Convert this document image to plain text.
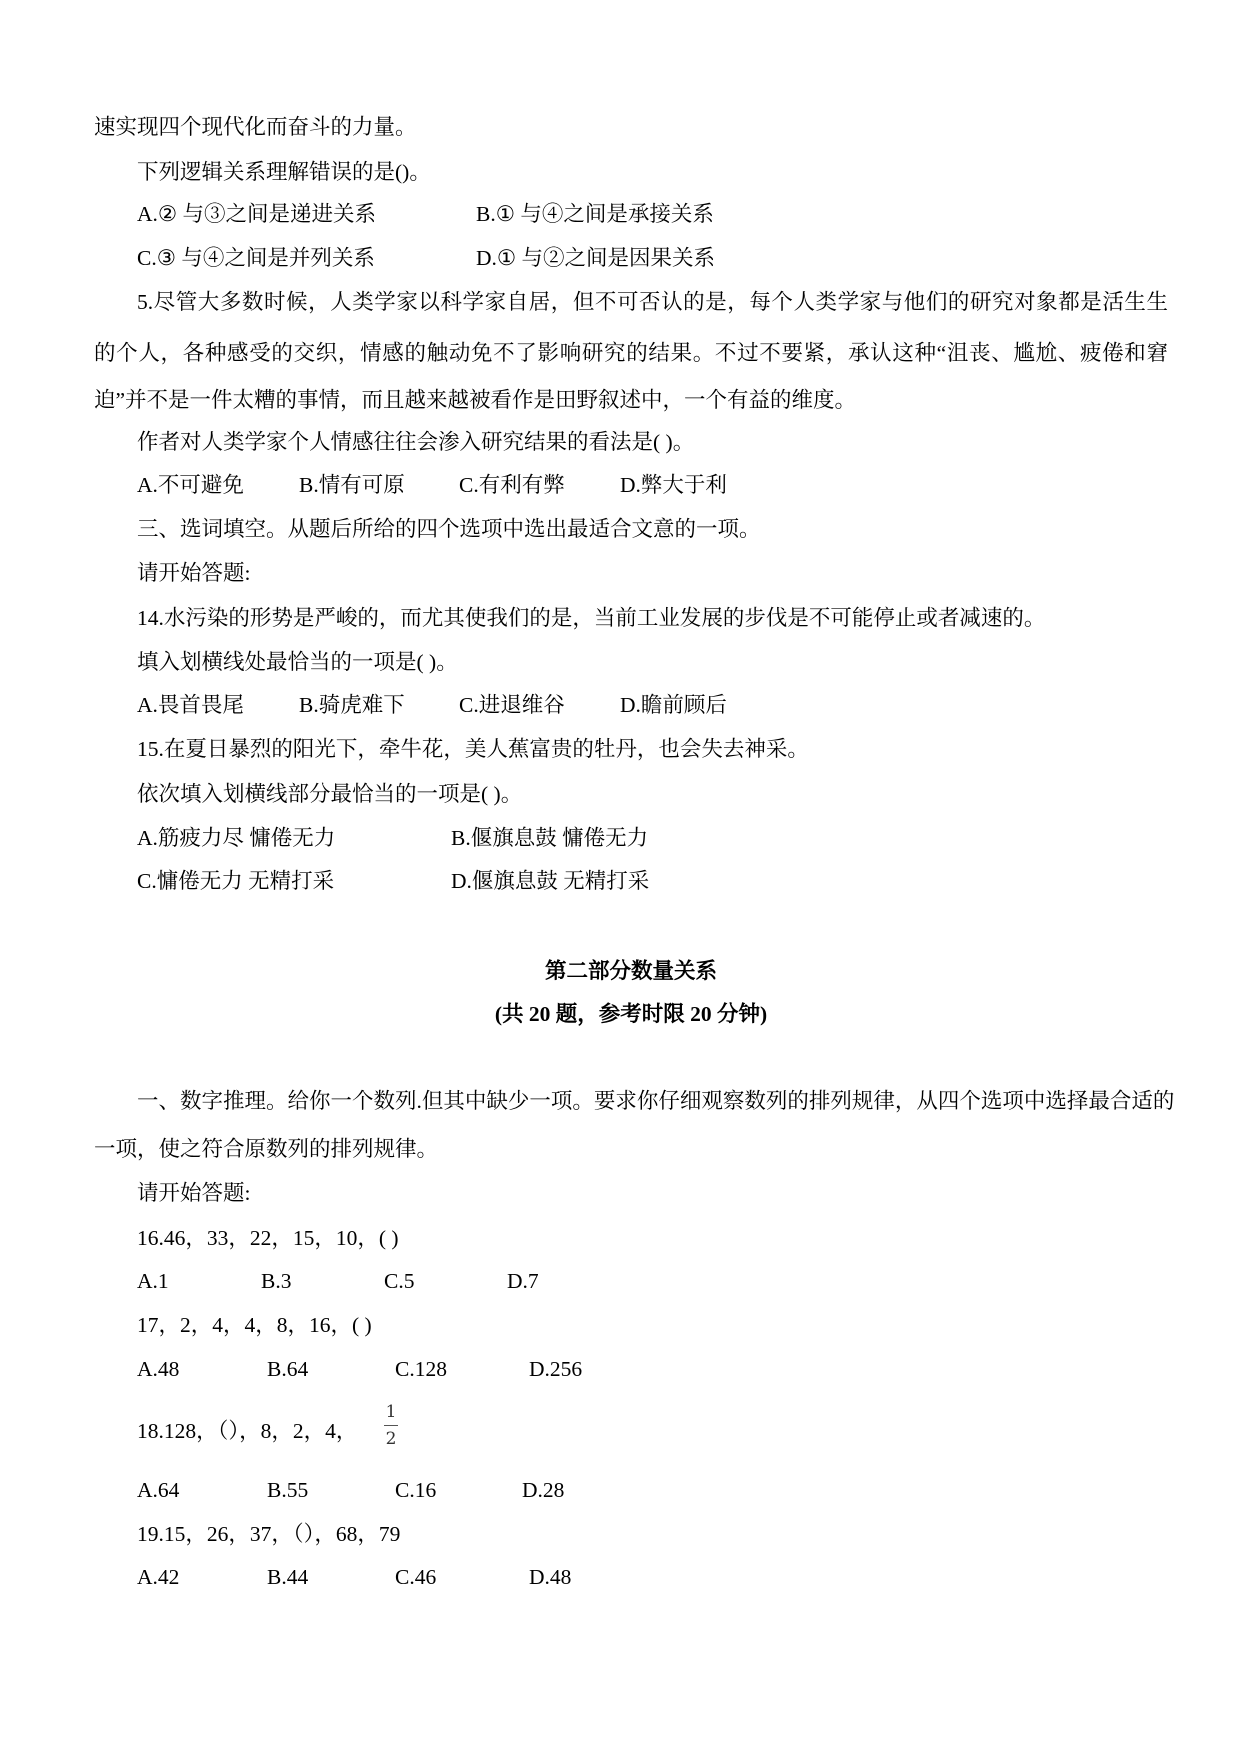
速实现四个现代化而奋斗的力量。
下列逻辑关系理解错误的是()。
A.② 与③之间是递进关系	B.① 与④之间是承接关系
C.③ 与④之间是并列关系	D.① 与②之间是因果关系
5.尽管大多数时候，人类学家以科学家自居，但不可否认的是，每个人类学家与他们的研究对象都是活生生
的个人，各种感受的交织，情感的触动免不了影响研究的结果。不过不要紧，承认这种“沮丧、尴尬、疲倦和窘
迫”并不是一件太糟的事情，而且越来越被看作是田野叙述中，一个有益的维度。
作者对人类学家个人情感往往会渗入研究结果的看法是( )。
A.不可避免	B.情有可原	C.有利有弊	D.弊大于利
三、选词填空。从题后所给的四个选项中选出最适合文意的一项。
请开始答题:
14.水污染的形势是严峻的，而尤其使我们的是，当前工业发展的步伐是不可能停止或者减速的。
填入划横线处最恰当的一项是( )。
A.畏首畏尾	B.骑虎难下	C.进退维谷	D.瞻前顾后
15.在夏日暴烈的阳光下，牵牛花，美人蕉富贵的牡丹，也会失去神采。
依次填入划横线部分最恰当的一项是( )。
A.筋疲力尽 慵倦无力	B.偃旗息鼓 慵倦无力
C.慵倦无力 无精打采	D.偃旗息鼓 无精打采
第二部分数量关系
(共 20 题，参考时限 20 分钟)
一、数字推理。给你一个数列.但其中缺少一项。要求你仔细观察数列的排列规律，从四个选项中选择最合适的
一项，使之符合原数列的排列规律。
请开始答题:
16.46，33，22，15，10，( )
A.1	B.3	C.5	D.7
17，2，4，4，8，16，( )
A.48	B.64	C.128	D.256
18.128，（），8，2，4，
1
2
A.64	B.55	C.16	D.28
19.15，26，37，（），68，79
A.42	B.44	C.46	D.48
